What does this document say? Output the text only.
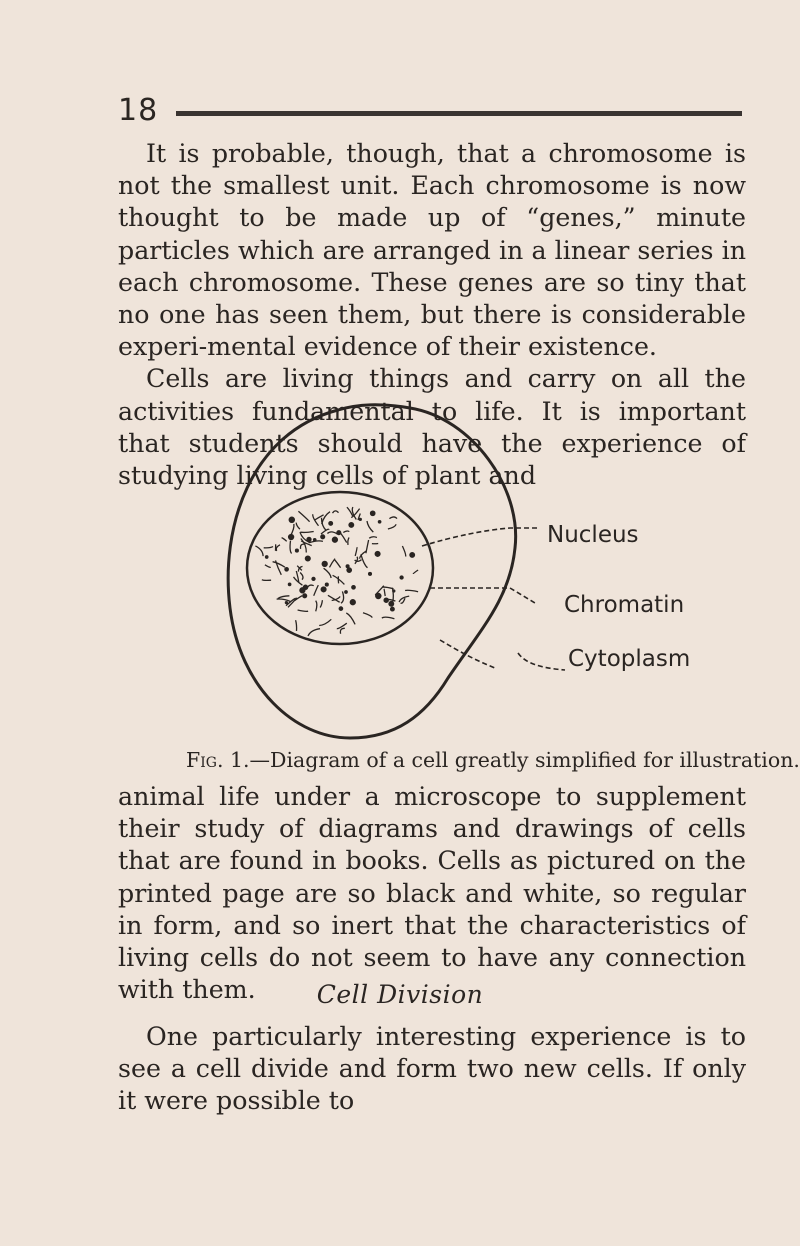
18

It is probable, though, that a chromosome is not the smallest unit. Each chromosome is now thought to be made up of “genes,” minute particles which are arranged in a linear series in each chromosome. These genes are so tiny that no one has seen them, but there is considerable experi-mental evidence of their existence.

Cells are living things and carry on all the activities fundamental to life. It is important that students should have the experience of studying living cells of plant and

Nucleus
Chromatin
Cytoplasm
Fig. 1.—Diagram of a cell greatly simplified for illustration.

animal life under a microscope to supplement their study of diagrams and drawings of cells that are found in books. Cells as pictured on the printed page are so black and white, so regular in form, and so inert that the characteristics of living cells do not seem to have any connection with them.	Cell Division

One particularly interesting experience is to see a cell divide and form two new cells. If only it were possible to
